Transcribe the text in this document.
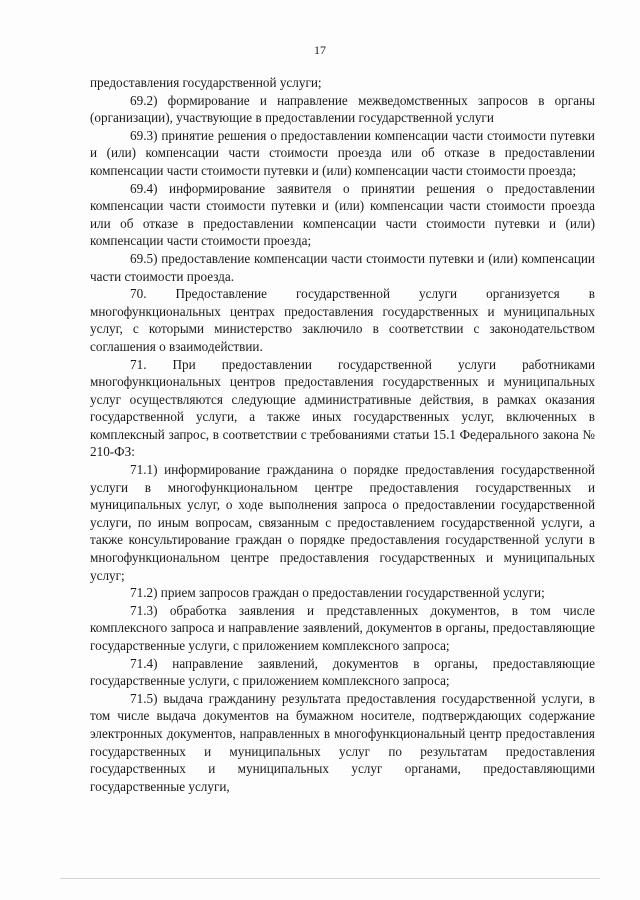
17

предоставления государственной услуги;

69.2) формирование и направление межведомственных запросов в органы (организации), участвующие в предоставлении государственной услуги

69.3) принятие решения о предоставлении компенсации части стоимости путевки и (или) компенсации части стоимости проезда или об отказе в предоставлении компенсации части стоимости путевки и (или) компенсации части стоимости проезда;

69.4) информирование заявителя о принятии решения о предоставлении компенсации части стоимости путевки и (или) компенсации части стоимости проезда или об отказе в предоставлении компенсации части стоимости путевки и (или) компенсации части стоимости проезда;

69.5) предоставление компенсации части стоимости путевки и (или) компенсации части стоимости проезда.

70. Предоставление государственной услуги организуется в многофункциональных центрах предоставления государственных и муниципальных услуг, с которыми министерство заключило в соответствии с законодательством соглашения о взаимодействии.

71. При предоставлении государственной услуги работниками многофункциональных центров предоставления государственных и муниципальных услуг осуществляются следующие административные действия, в рамках оказания государственной услуги, а также иных государственных услуг, включенных в комплексный запрос, в соответствии с требованиями статьи 15.1 Федерального закона № 210-ФЗ:

71.1) информирование гражданина о порядке предоставления государственной услуги в многофункциональном центре предоставления государственных и муниципальных услуг, о ходе выполнения запроса о предоставлении государственной услуги, по иным вопросам, связанным с предоставлением государственной услуги, а также консультирование граждан о порядке предоставления государственной услуги в многофункциональном центре предоставления государственных и муниципальных услуг;

71.2) прием запросов граждан о предоставлении государственной услуги;

71.3) обработка заявления и представленных документов, в том числе комплексного запроса и направление заявлений, документов в органы, предоставляющие государственные услуги, с приложением комплексного запроса;

71.4) направление заявлений, документов в органы, предоставляющие государственные услуги, с приложением комплексного запроса;

71.5) выдача гражданину результата предоставления государственной услуги, в том числе выдача документов на бумажном носителе, подтверждающих содержание электронных документов, направленных в многофункциональный центр предоставления государственных и муниципальных услуг по результатам предоставления государственных и муниципальных услуг органами, предоставляющими государственные услуги,
